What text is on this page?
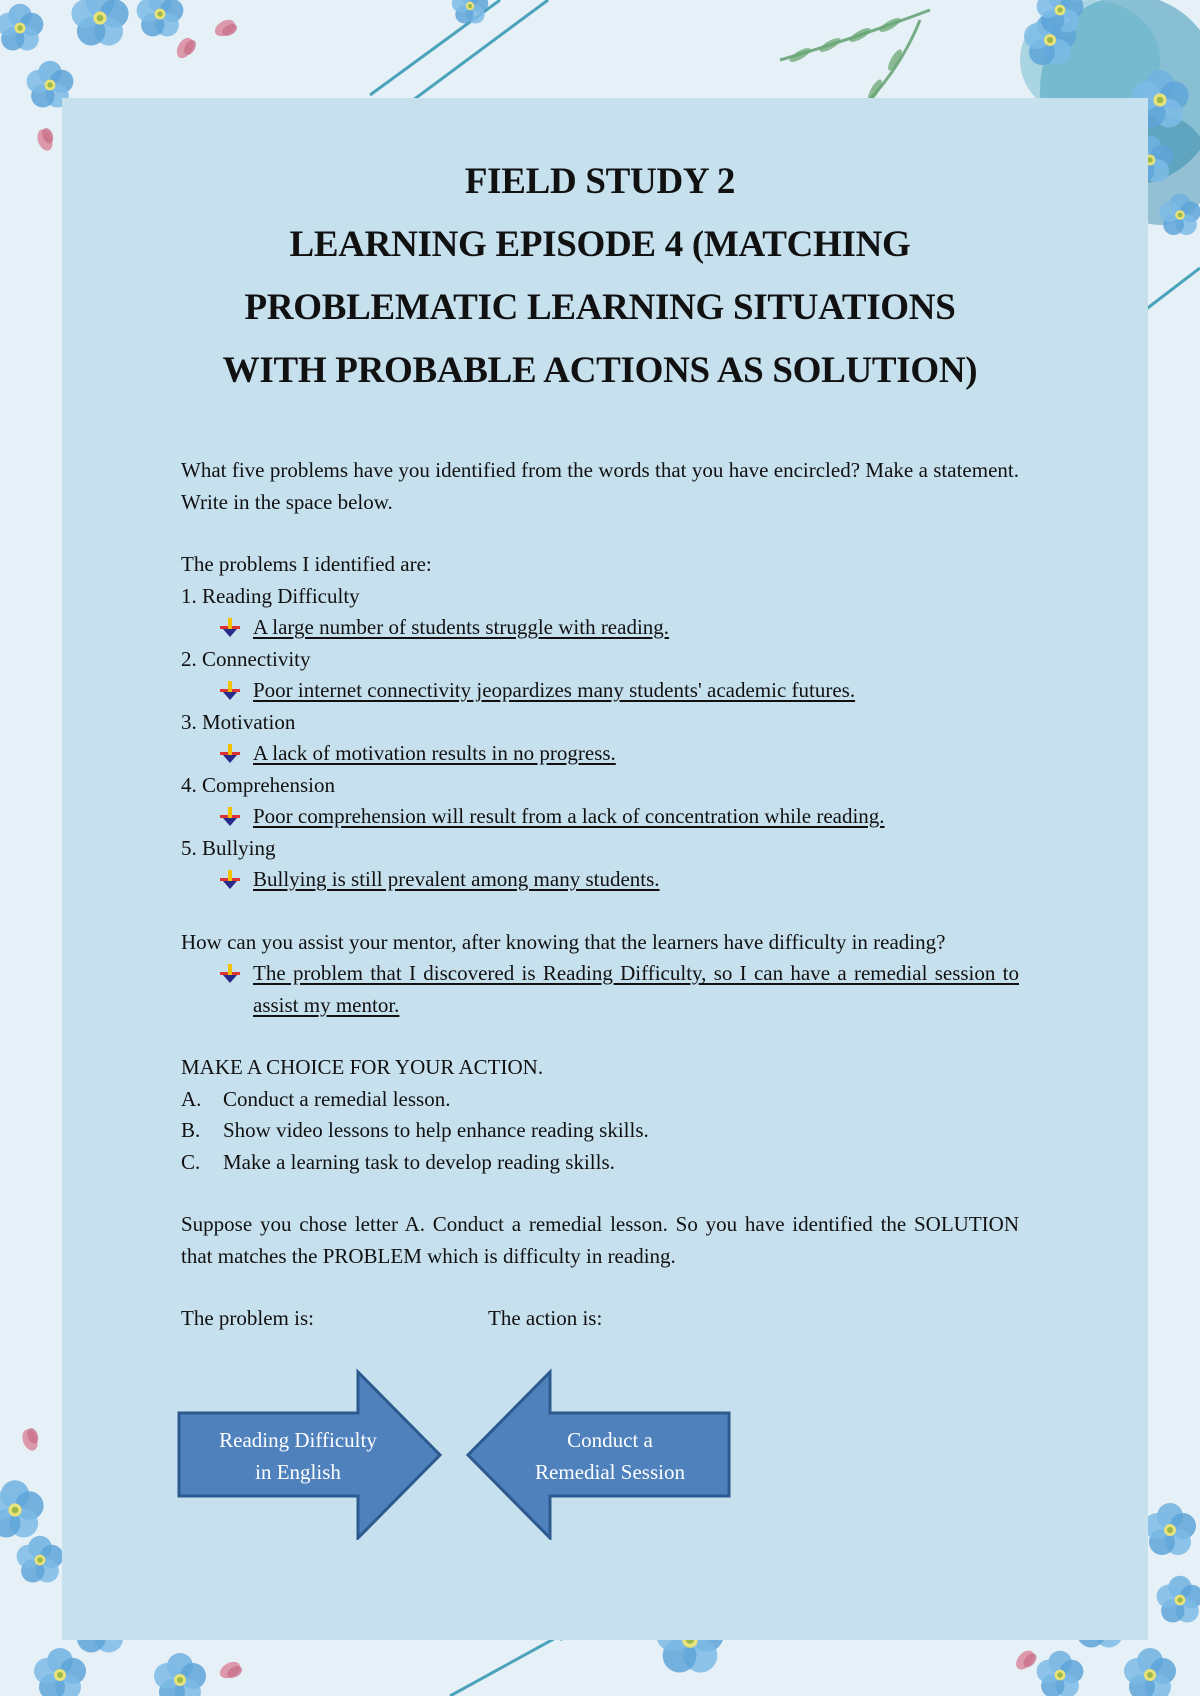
FIELD STUDY 2
LEARNING EPISODE 4 (MATCHING
PROBLEMATIC LEARNING SITUATIONS
WITH PROBABLE ACTIONS AS SOLUTION)

What five problems have you identified from the words that you have encircled? Make a statement. Write in the space below.

The problems I identified are:
1. Reading Difficulty
A large number of students struggle with reading.
2. Connectivity
Poor internet connectivity jeopardizes many students' academic futures.
3. Motivation
A lack of motivation results in no progress.
4. Comprehension
Poor comprehension will result from a lack of concentration while reading.
5. Bullying
Bullying is still prevalent among many students.

How can you assist your mentor, after knowing that the learners have difficulty in reading?

The problem that I discovered is Reading Difficulty, so I can have a remedial session to assist my mentor.
MAKE A CHOICE FOR YOUR ACTION.
A.	Conduct a remedial lesson.
B.	Show video lessons to help enhance reading skills.
C.	Make a learning task to develop reading skills.

Suppose you chose letter A. Conduct a remedial lesson. So you have identified the SOLUTION that matches the PROBLEM which is difficulty in reading.

The problem is:	The action is:
Reading Difficulty
in English
Conduct a
Remedial Session
